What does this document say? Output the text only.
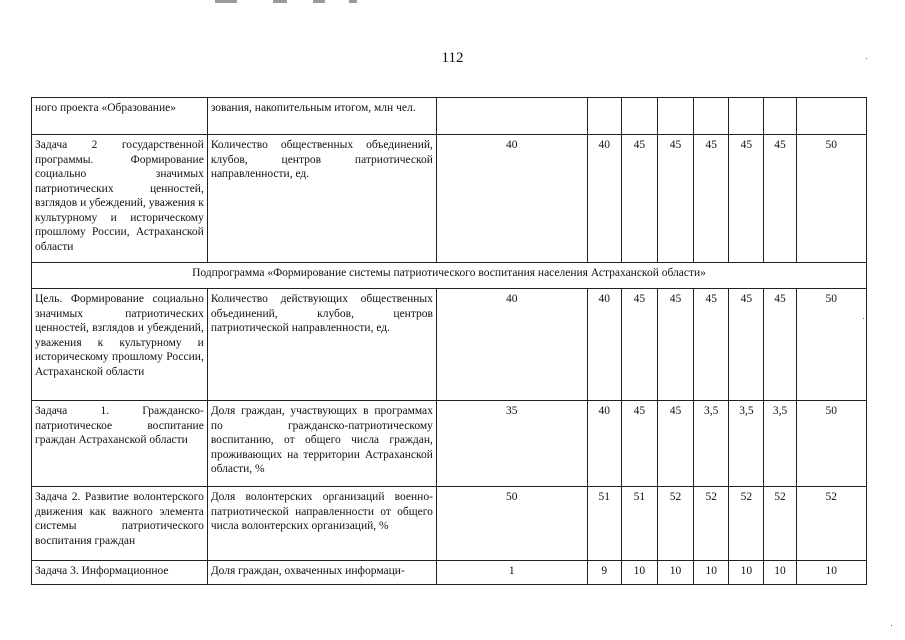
112
ного проекта «Образование»	зования, накопительным итогом, млн чел.								
Задача 2 государственной программы. Формирование социально значимых патриотических ценностей, взглядов и убеждений, уважения к культурному и историческому прошлому России, Астраханской области	Количество общественных объединений, клубов, центров патриотической направленности, ед.	40	40	45	45	45	45	45	50
Подпрограмма «Формирование системы патриотического воспитания населения Астраханской области»									
Цель. Формирование социально значимых патриотических ценностей, взглядов и убеждений, уважения к культурному и историческому прошлому России, Астраханской области	Количество действующих общественных объединений, клубов, центров патриотической направленности, ед.	40	40	45	45	45	45	45	50
Задача 1. Гражданско-патриотическое воспитание граждан Астраханской области	Доля граждан, участвующих в программах по гражданско-патриотическому воспитанию, от общего числа граждан, проживающих на территории Астраханской области, %	35	40	45	45	3,5	3,5	3,5	50
Задача 2. Развитие волонтерского движения как важного элемента системы патриотического воспитания граждан	Доля волонтерских организаций военно-патриотической направленности от общего числа волонтерских организаций, %	50	51	51	52	52	52	52	52
Задача 3. Информационное	Доля граждан, охваченных информаци-	1	9	10	10	10	10	10	10
